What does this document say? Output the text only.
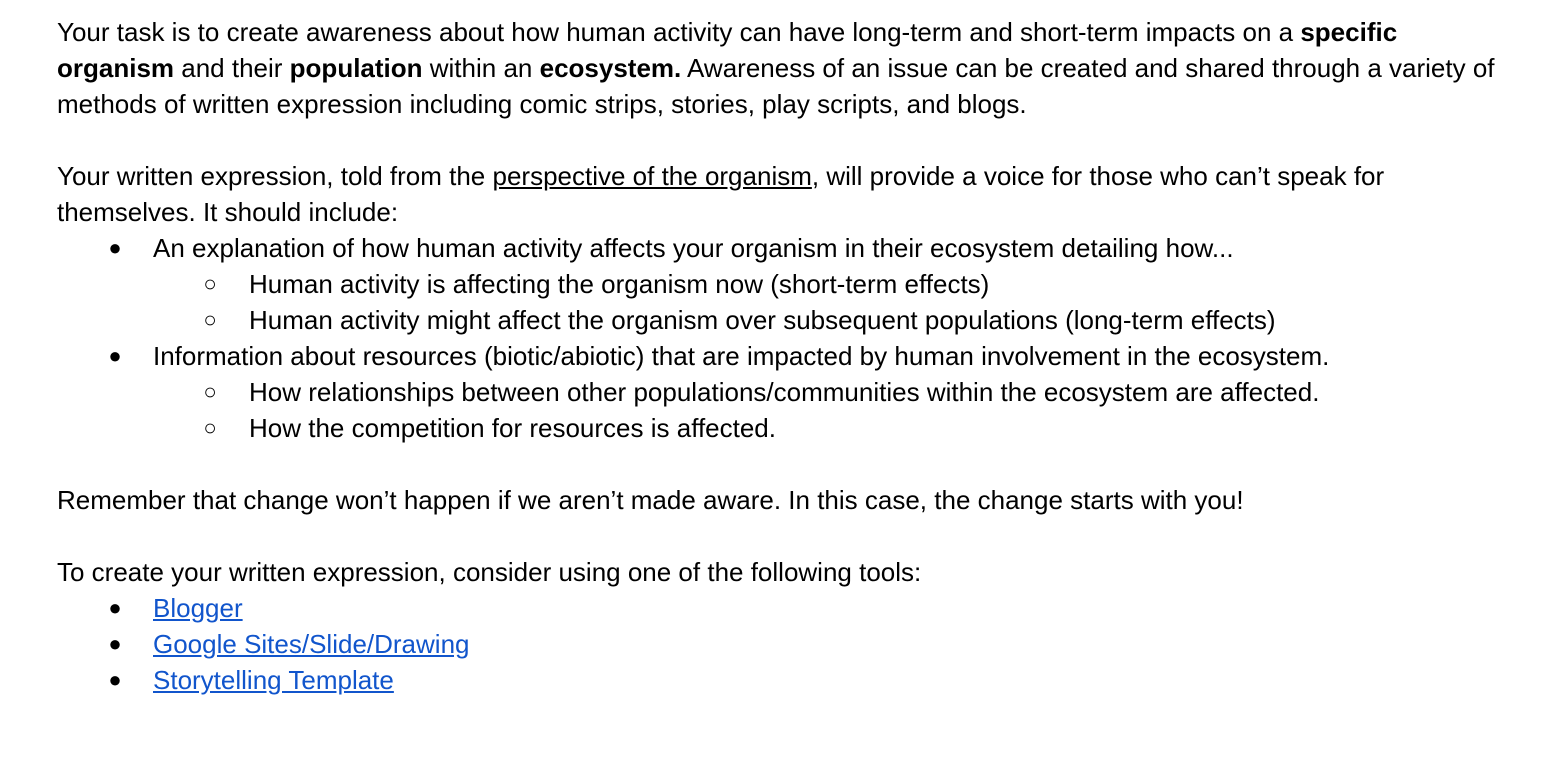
Your task is to create awareness about how human activity can have long-term and short-term impacts on a specific organism and their population within an ecosystem. Awareness of an issue can be created and shared through a variety of methods of written expression including comic strips, stories, play scripts, and blogs.

Your written expression, told from the perspective of the organism, will provide a voice for those who can’t speak for themselves. It should include:

● An explanation of how human activity affects your organism in their ecosystem detailing how...
○ Human activity is affecting the organism now (short-term effects)
○ Human activity might affect the organism over subsequent populations (long-term effects)
● Information about resources (biotic/abiotic) that are impacted by human involvement in the ecosystem.
○ How relationships between other populations/communities within the ecosystem are affected.
○ How the competition for resources is affected.

Remember that change won’t happen if we aren’t made aware. In this case, the change starts with you!

To create your written expression, consider using one of the following tools:

● Blogger
● Google Sites/Slide/Drawing
● Storytelling Template
